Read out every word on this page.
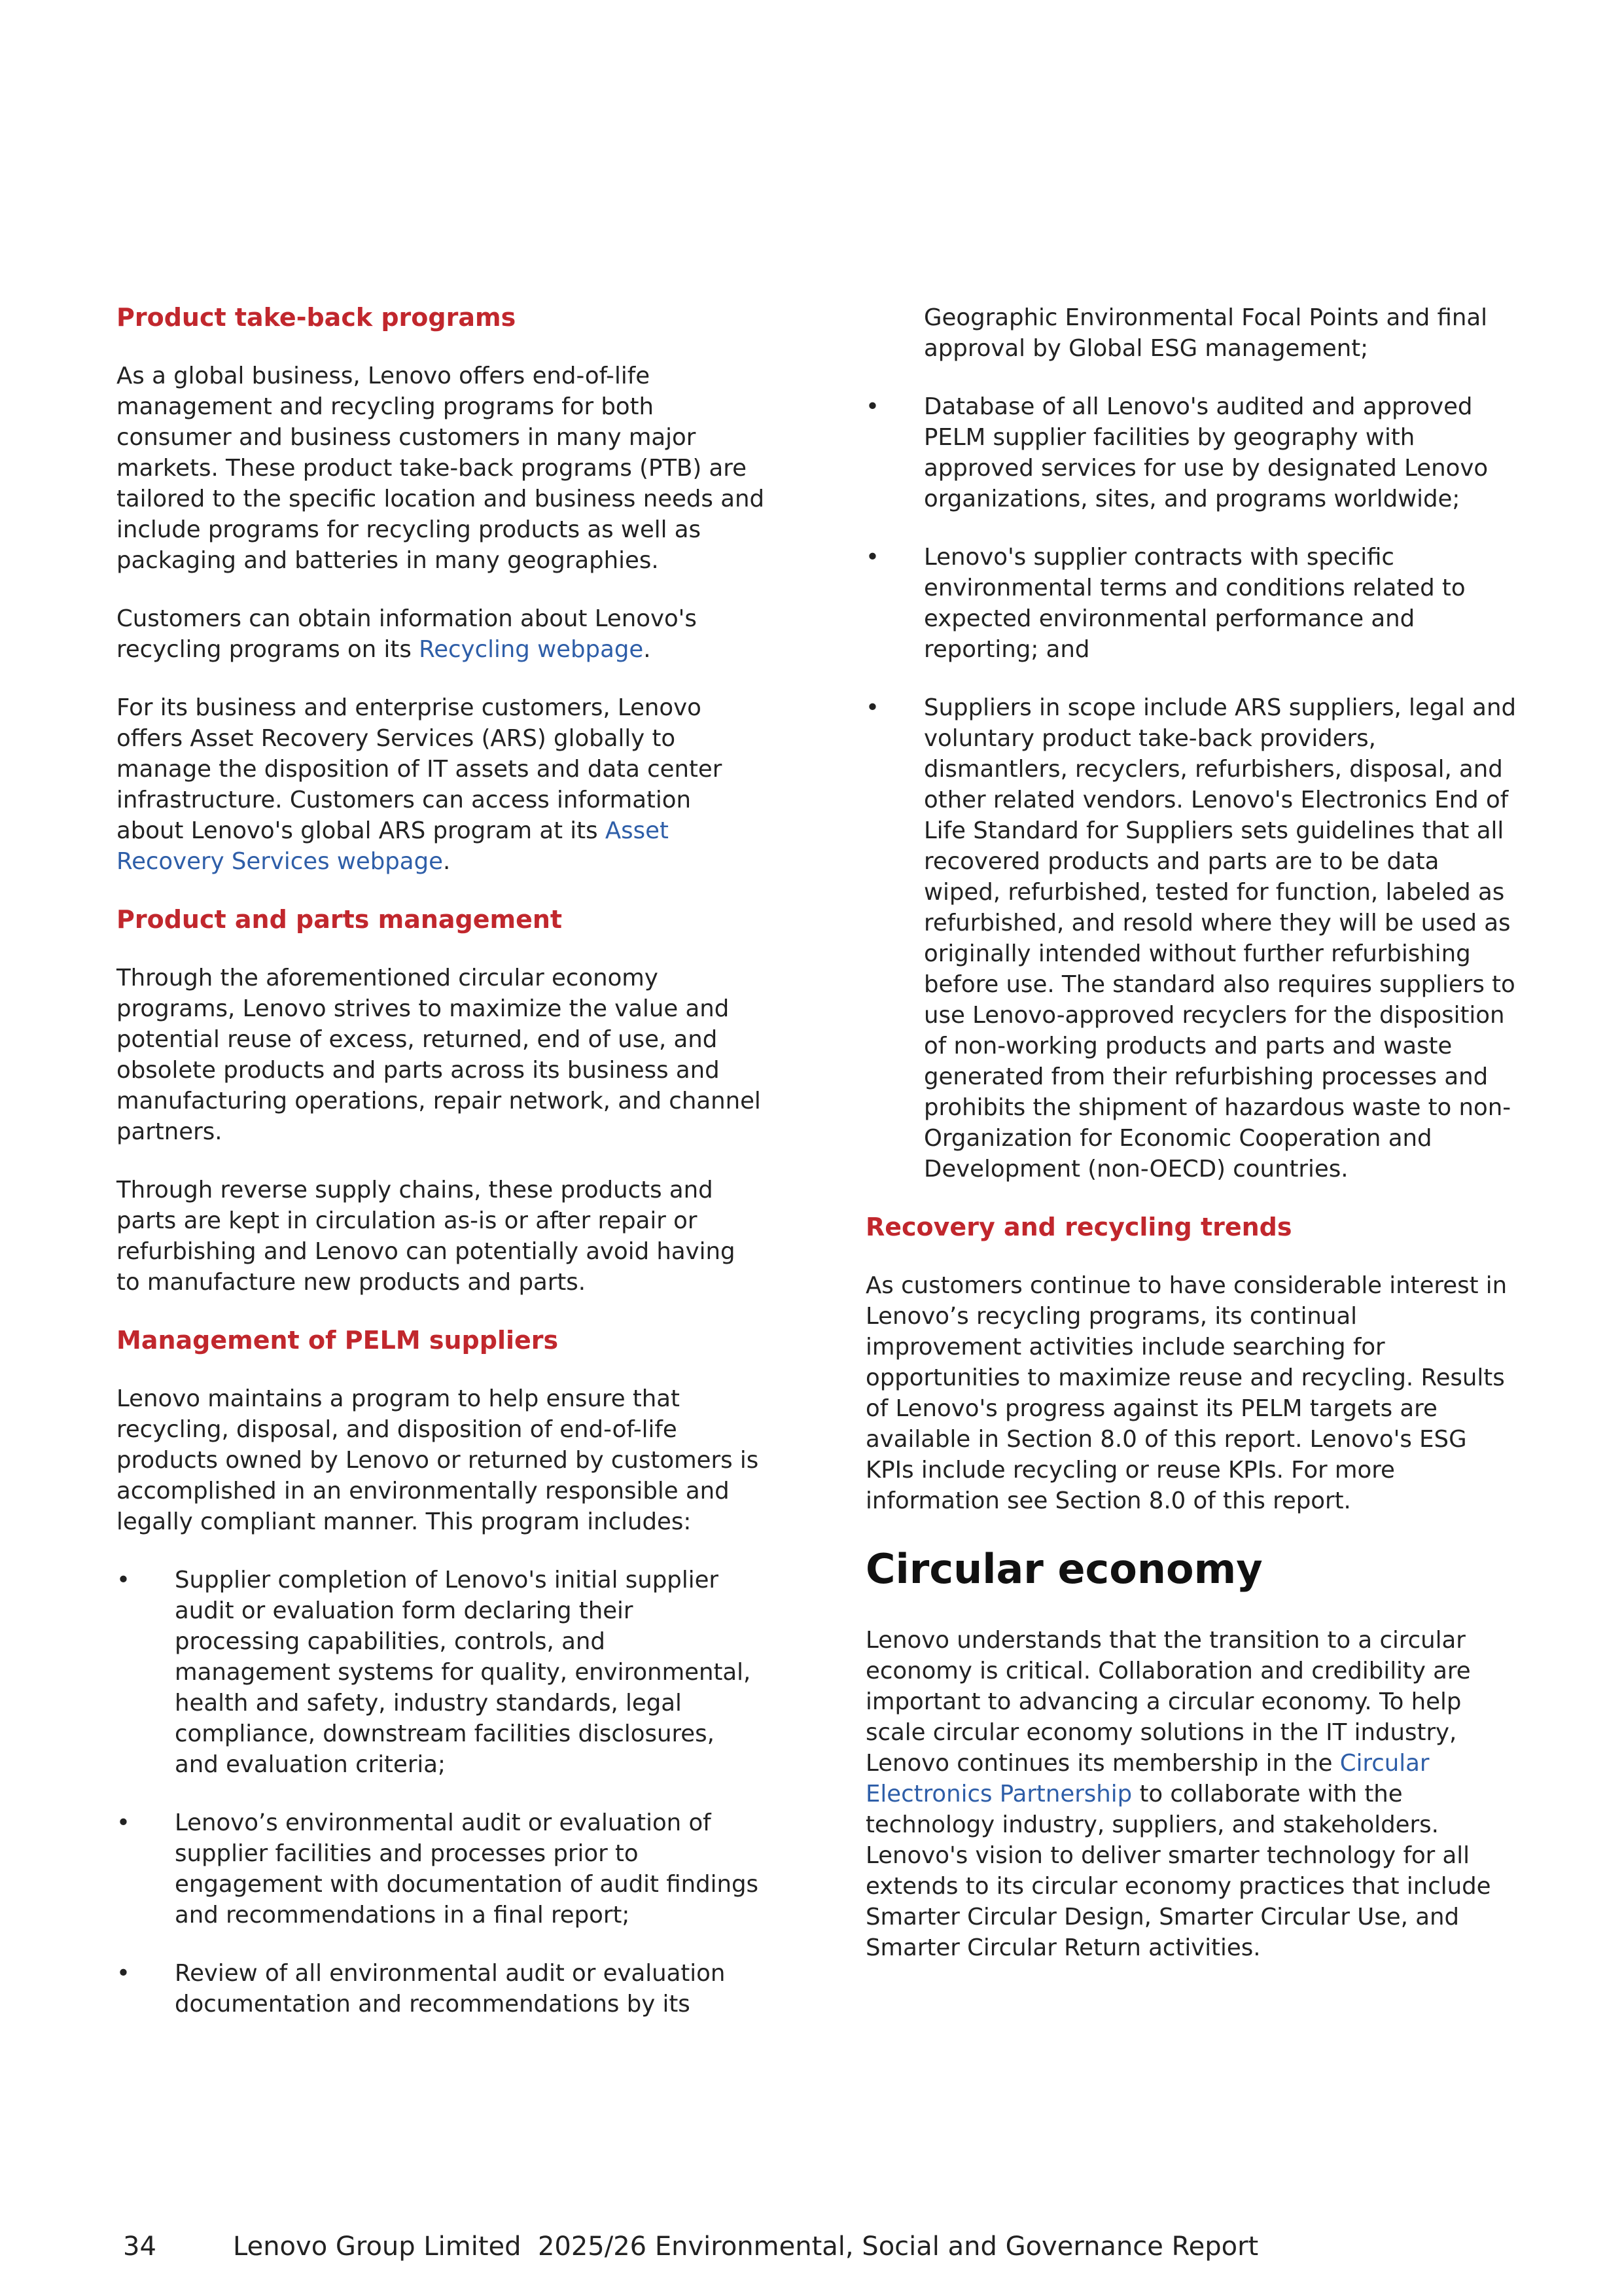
Product take-back programs

As a global business, Lenovo offers end-of-life management and recycling programs for both consumer and business customers in many major markets. These product take-back programs (PTB) are tailored to the specific location and business needs and include programs for recycling products as well as packaging and batteries in many geographies.

Customers can obtain information about Lenovo's recycling programs on its Recycling webpage.

For its business and enterprise customers, Lenovo offers Asset Recovery Services (ARS) globally to manage the disposition of IT assets and data center infrastructure. Customers can access information about Lenovo's global ARS program at its Asset Recovery Services webpage.

Product and parts management

Through the aforementioned circular economy programs, Lenovo strives to maximize the value and potential reuse of excess, returned, end of use, and obsolete products and parts across its business and manufacturing operations, repair network, and channel partners.

Through reverse supply chains, these products and parts are kept in circulation as-is or after repair or refurbishing and Lenovo can potentially avoid having to manufacture new products and parts.

Management of PELM suppliers

Lenovo maintains a program to help ensure that recycling, disposal, and disposition of end-of-life products owned by Lenovo or returned by customers is accomplished in an environmentally responsible and legally compliant manner. This program includes:

• Supplier completion of Lenovo's initial supplier audit or evaluation form declaring their processing capabilities, controls, and management systems for quality, environmental, health and safety, industry standards, legal compliance, downstream facilities disclosures, and evaluation criteria;
• Lenovo’s environmental audit or evaluation of supplier facilities and processes prior to engagement with documentation of audit findings and recommendations in a final report;
• Review of all environmental audit or evaluation documentation and recommendations by its
Geographic Environmental Focal Points and final approval by Global ESG management;
• Database of all Lenovo's audited and approved PELM supplier facilities by geography with approved services for use by designated Lenovo organizations, sites, and programs worldwide;
• Lenovo's supplier contracts with specific environmental terms and conditions related to expected environmental performance and reporting; and
• Suppliers in scope include ARS suppliers, legal and voluntary product take-back providers, dismantlers, recyclers, refurbishers, disposal, and other related vendors. Lenovo's Electronics End of Life Standard for Suppliers sets guidelines that all recovered products and parts are to be data wiped, refurbished, tested for function, labeled as refurbished, and resold where they will be used as originally intended without further refurbishing before use. The standard also requires suppliers to use Lenovo-approved recyclers for the disposition of non-working products and parts and waste generated from their refurbishing processes and prohibits the shipment of hazardous waste to non-Organization for Economic Cooperation and Development (non-OECD) countries.
Recovery and recycling trends

As customers continue to have considerable interest in Lenovo’s recycling programs, its continual improvement activities include searching for opportunities to maximize reuse and recycling. Results of Lenovo's progress against its PELM targets are available in Section 8.0 of this report. Lenovo's ESG KPIs include recycling or reuse KPIs. For more information see Section 8.0 of this report.

Circular economy

Lenovo understands that the transition to a circular economy is critical. Collaboration and credibility are important to advancing a circular economy. To help scale circular economy solutions in the IT industry, Lenovo continues its membership in the Circular Electronics Partnership to collaborate with the technology industry, suppliers, and stakeholders. Lenovo's vision to deliver smarter technology for all extends to its circular economy practices that include Smarter Circular Design, Smarter Circular Use, and Smarter Circular Return activities.

34	Lenovo Group Limited  2025/26 Environmental, Social and Governance Report
